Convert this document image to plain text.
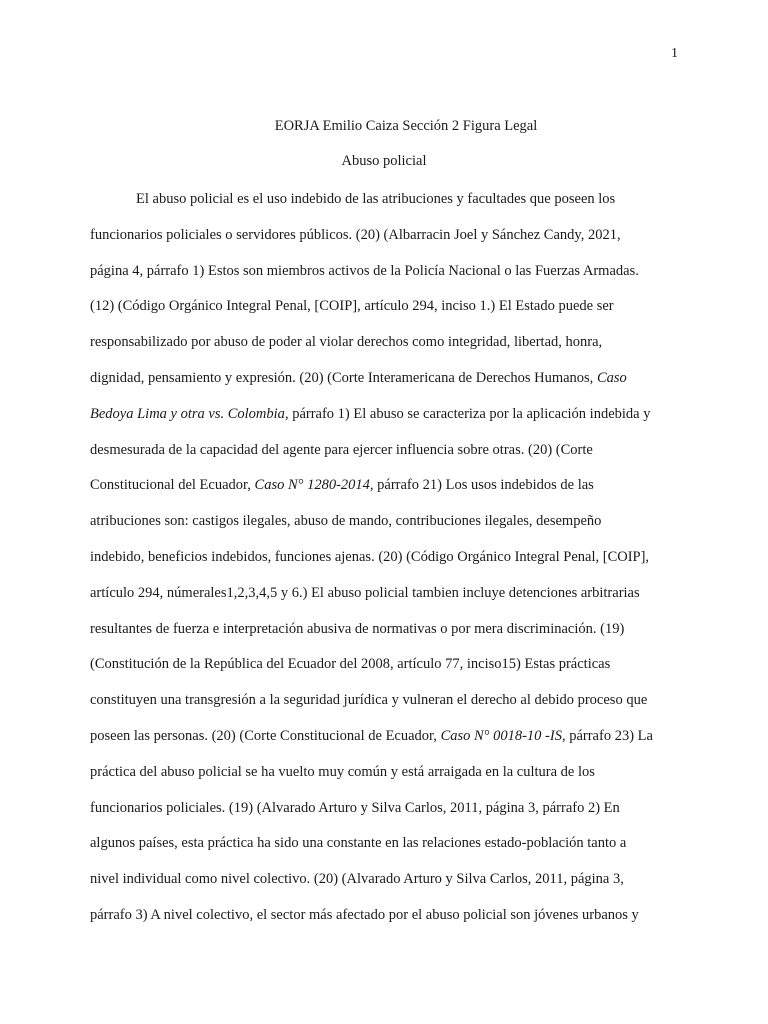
1
EORJA Emilio Caiza Sección 2 Figura Legal
Abuso policial
El abuso policial es el uso indebido de las atribuciones y facultades que poseen los
funcionarios policiales o servidores públicos. (20) (Albarracin Joel y Sánchez Candy, 2021,
página 4, párrafo 1) Estos son miembros activos de la Policía Nacional o las Fuerzas Armadas.
(12) (Código Orgánico Integral Penal, [COIP], artículo 294, inciso 1.) El Estado puede ser
responsabilizado por abuso de poder al violar derechos como integridad, libertad, honra,
dignidad, pensamiento y expresión. (20) (Corte Interamericana de Derechos Humanos, Caso
Bedoya Lima y otra vs. Colombia, párrafo 1) El abuso se caracteriza por la aplicación indebida y
desmesurada de la capacidad del agente para ejercer influencia sobre otras. (20) (Corte
Constitucional del Ecuador, Caso N° 1280-2014, párrafo 21) Los usos indebidos de las
atribuciones son: castigos ilegales, abuso de mando, contribuciones ilegales, desempeño
indebido, beneficios indebidos, funciones ajenas. (20) (Código Orgánico Integral Penal, [COIP],
artículo 294, númerales1,2,3,4,5 y 6.) El abuso policial tambien incluye detenciones arbitrarias
resultantes de fuerza e interpretación abusiva de normativas o por mera discriminación. (19)
(Constitución de la República del Ecuador del 2008, artículo 77, inciso15) Estas prácticas
constituyen una transgresión a la seguridad jurídica y vulneran el derecho al debido proceso que
poseen las personas. (20) (Corte Constitucional de Ecuador, Caso N° 0018-10 -IS, párrafo 23) La
práctica del abuso policial se ha vuelto muy común y está arraigada en la cultura de los
funcionarios policiales. (19) (Alvarado Arturo y Silva Carlos, 2011, página 3, párrafo 2) En
algunos países, esta práctica ha sido una constante en las relaciones estado-población tanto a
nivel individual como nivel colectivo. (20) (Alvarado Arturo y Silva Carlos, 2011, página 3,
párrafo 3) A nivel colectivo, el sector más afectado por el abuso policial son jóvenes urbanos y
